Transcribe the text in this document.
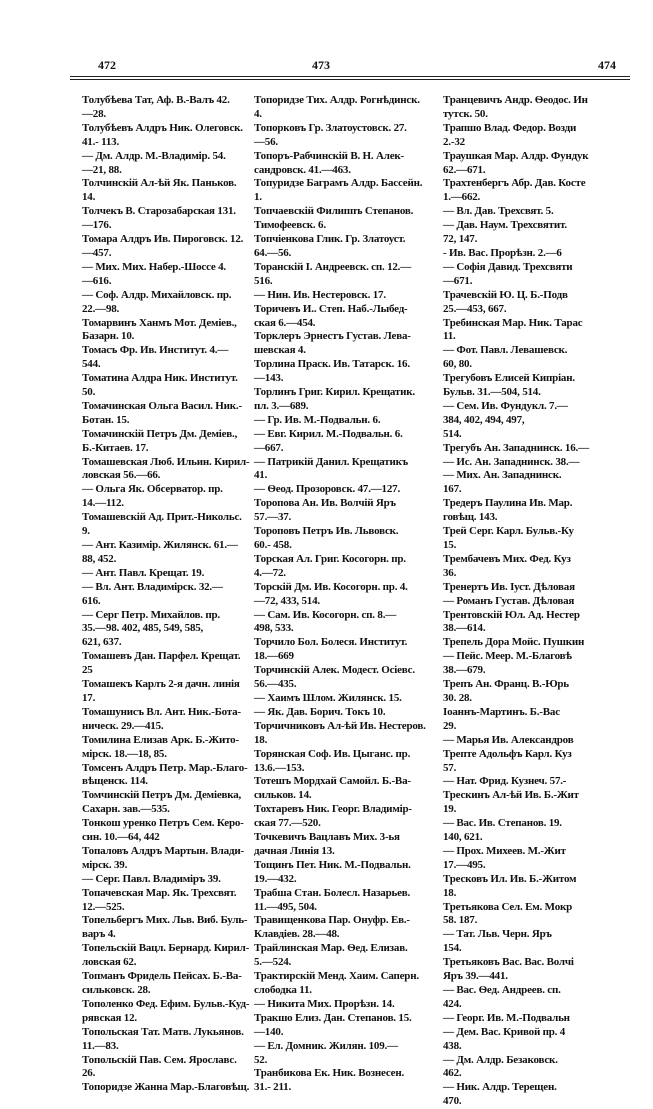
472	473	474
Толубѣева Тат, Аф. В.-Валъ 42.
—28.
Толубѣевъ Алдръ Ник. Олеговск.
41.- 113.
— Дм. Алдр. М.-Владимір. 54.
—21, 88.
Толчинскій Ал-ѣй Як. Паньков.
14.
Толчекъ В. Старозабарская 131.
—176.
Томара Алдръ Ив. Пироговск. 12.
—457.
— Мих. Мих. Набер.-Шоссе 4.
—616.
— Соф. Алдр. Михайловск. пр.
22.—98.
Томарвинъ Ханмъ Мот. Деміев.,
Базарн. 10.
Томасъ Фр. Ив. Институт. 4.—
544.
Томатина Алдра Ник. Институт.
50.
Томачинская Ольга Васил. Ник.-
Ботан. 15.
Томачинскій Петръ Дм. Деміев.,
Б.-Китаев. 17.
Томашевская Люб. Ильин. Кирил-
ловская 56.—66.
— Ольга Як. Обсерватор. пр.
14.—112.
Томашевскій Ад. Прит.-Никольс.
9.
— Ант. Казимір. Жилянск. 61.—
88, 452.
— Ант. Павл. Крещат. 19.
— Вл. Ант. Владимірск. 32.—
616.
— Серг Петр. Михайлов. пр.
35.—98. 402, 485, 549, 585,
621, 637.
Томашевъ Дан. Парфел. Крещат.
25
Томашекъ Карлъ 2-я дачн. линія
17.
Томашунисъ Вл. Ант. Ник.-Бота-
ническ. 29.—415.
Томилина Елизав Арк. Б.-Жито-
мірск. 18.—18, 85.
Томсенъ Алдръ Петр. Мар.-Благо-
вѣщенск. 114.
Томчинскій Петръ Дм. Деміевка,
Сахарн. зав.—535.
Тонкош уренко Петръ Сем. Керо-
син. 10.—64, 442
Топаловъ Алдръ Мартын. Влади-
мірск. 39.
— Серг. Павл. Владиміръ 39.
Топачевская Мар. Як. Трехсвят.
12.—525.
Топельбергъ Мих. Льв. Виб. Буль-
варъ 4.
Топельскій Вацл. Бернард. Кирил-
ловская 62.
Топманъ Фридель Пейсах. Б.-Ва-
сильковск. 28.
Тополенко Фед. Ефим. Бульв.-Куд-
рявская 12.
Топольская Тат. Матв. Лукьянов.
11.—83.
Топольскій Пав. Сем. Ярославс.
26.
Топоридзе Жанна Мар.-Благовѣщ.
Топоридзе Тих. Алдр. Рогнѣдинск.
4.
Топорковъ Гр. Златоустовск. 27.
—56.
Топоръ-Рабчинскій В. Н. Алек-
сандровск. 41.—463.
Топуридзе Баграмъ Алдр. Бассейн.
1.
Топчаевскій Филиппъ Степанов.
Тимофеевск. 6.
Топчіенкова Глик. Гр. Златоуст.
64.—56.
Торанскій І. Андреевск. сп. 12.—
516.
— Нин. Ив. Нестеровск. 17.
Торичевъ И.. Степ. Наб.-Лыбед-
ская 6.—454.
Торклеръ Эрнестъ Густав. Лева-
шевская 4.
Торлина Праск. Ив. Татарск. 16.
—143.
Торлинъ Григ. Кирил. Крещатик.
пл. 3.—689.
— Гр. Ив. М.-Подвальн. 6.
— Евг. Кирил. М.-Подвальн. 6.
—667.
— Патрикій Данил. Крещатикъ
41.
— Ѳеод. Прозоровск. 47.—127.
Торопова Ан. Ив. Волчій Яръ
57.—37.
Тороповъ Петръ Ив. Львовск.
60.- 458.
Торская Ал. Григ. Косогорн. пр.
4.—72.
Торскій Дм. Ив. Косогорн. пр. 4.
—72, 433, 514.
— Сам. Ив. Косогорн. сп. 8.—
498, 533.
Торчило Бол. Болеся. Институт.
18.—669
Торчинскій Алек. Модест. Осіевс.
56.—435.
— Хаимъ Шлом. Жилянск. 15.
— Як. Дав. Борич. Токъ 10.
Торчичниковъ Ал-ѣй Ив. Нестеров.
18.
Торянская Соф. Ив. Цыганс. пр.
13.6.—153.
Тотешъ Мордхай Самойл. Б.-Ва-
сильков. 14.
Тохтаревъ Ник. Георг. Владимір-
ская 77.—520.
Точкевичъ Вацлавъ Мих. 3-ья
дачная Линія 13.
Тощинъ Пет. Ник. М.-Подвальн.
19.—432.
Трабша Стан. Болесл. Назарьев.
11.—495, 504.
Травищенкова Пар. Онуфр. Ев.-
Клавдіев. 28.—48.
Трайлинская Мар. Ѳед. Елизав.
5.—524.
Трактирскій Менд. Хаим. Саперн.
слободка 11.
— Никита Мих. Прорѣзн. 14.
Тракшо Елиз. Дан. Степанов. 15.
—140.
— Ел. Домник. Жилян. 109.—
52.
Транбикова Ек. Ник. Вознесен.
31.- 211.
Транцевичъ Андр. Ѳеодос. Ин
тутск. 50.
Трапшо Влад. Федор. Возди
2.-32
Траушкая Мар. Алдр. Фундук
62.—671.
Трахтенбергъ Абр. Дав. Косте
1.—662.
— Вл. Дав. Трехсвят. 5.
— Дав. Наум. Трехсвятит.
72, 147.
- Ив. Вас. Прорѣзн. 2.—6
— Софія Давид. Трехсвяти
—671.
Трачевскій Ю. Ц. Б.-Подв
25.—453, 667.
Требинская Мар. Ник. Тарас
11.
— Фот. Павл. Левашевск.
60, 80.
Трегубовъ Елисей Кипріан.
Бульв. 31.—504, 514.
— Сем. Ив. Фундукл. 7.—
384, 402, 494, 497,
514.
Трегубъ Ан. Западнинск. 16.—
— Ис. Ан. Западнинск. 38.—
— Мих. Ан. Западнинск.
167.
Тредеръ Паулина Ив. Мар.
говѣщ. 143.
Трей Серг. Карл. Бульв.-Ку
15.
Трембачевъ Мих. Фед. Куз
36.
Тренертъ Ив. Іуст. Дѣловая
— Романъ Густав. Дѣловая
Трентовскій Юл. Ад. Нестер
38.—614.
Трепель Дора Мойс. Пушкин
— Пейс. Меер. М.-Благовѣ
38.—679.
Трепъ Ан. Франц. В.-Юрь
30. 28.
Іоаннъ-Мартинъ. Б.-Вас
29.
— Марья Ив. Александров
Трепте Адольфъ Карл. Куз
57.
— Нат. Фрид. Кузнеч. 57.-
Трескинъ Ал-ѣй Ив. Б.-Жит
19.
— Вас. Ив. Степанов. 19.
140, 621.
— Прох. Михеев. М.-Жит
17.—495.
Тресковъ Ил. Ив. Б.-Житом
18.
Третьякова Сел. Ем. Мокр
58. 187.
— Тат. Льв. Черн. Яръ
154.
Третьяковъ Вас. Вас. Волчі
Яръ 39.—441.
— Вас. Ѳед. Андреев. сп.
424.
— Георг. Ив. М.-Подвальн
— Дем. Вас. Кривой пр. 4
438.
— Дм. Алдр. Безаковск.
462.
— Ник. Алдр. Терещен.
470.
